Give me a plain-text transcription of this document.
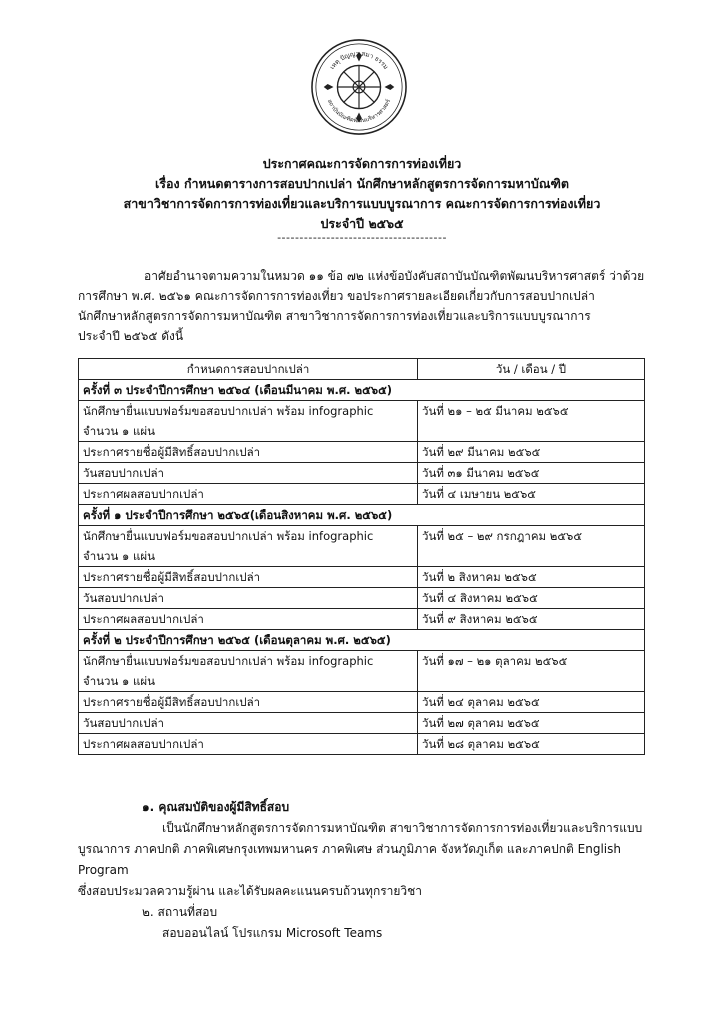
เหตุ ปัญญา สมา ธรรม
สถาบันบัณฑิตพัฒนบริหารศาสตร์
ประกาศคณะการจัดการการท่องเที่ยว
เรื่อง กำหนดตารางการสอบปากเปล่า นักศึกษาหลักสูตรการจัดการมหาบัณฑิต
สาขาวิชาการจัดการการท่องเที่ยวและบริการแบบบูรณาการ คณะการจัดการการท่องเที่ยว
ประจำปี ๒๕๖๕
--------------------------------------
อาศัยอำนาจตามความในหมวด ๑๑ ข้อ ๗๒ แห่งข้อบังคับสถาบันบัณฑิตพัฒนบริหารศาสตร์ ว่าด้วย
การศึกษา พ.ศ. ๒๕๖๑ คณะการจัดการการท่องเที่ยว ขอประกาศรายละเอียดเกี่ยวกับการสอบปากเปล่า
นักศึกษาหลักสูตรการจัดการมหาบัณฑิต สาขาวิชาการจัดการการท่องเที่ยวและบริการแบบบูรณาการ
ประจำปี ๒๕๖๕ ดังนี้
กำหนดการสอบปากเปล่า	วัน / เดือน / ปี
ครั้งที่ ๓ ประจำปีการศึกษา ๒๕๖๔ (เดือนมีนาคม พ.ศ. ๒๕๖๕)	
นักศึกษายื่นแบบฟอร์มขอสอบปากเปล่า พร้อม infographic
จำนวน ๑ แผ่น	วันที่ ๒๑ – ๒๕ มีนาคม ๒๕๖๕
ประกาศรายชื่อผู้มีสิทธิ์สอบปากเปล่า	วันที่ ๒๙ มีนาคม ๒๕๖๕
วันสอบปากเปล่า	วันที่ ๓๑ มีนาคม ๒๕๖๕
ประกาศผลสอบปากเปล่า	วันที่ ๔ เมษายน ๒๕๖๕
ครั้งที่ ๑ ประจำปีการศึกษา ๒๕๖๕(เดือนสิงหาคม พ.ศ. ๒๕๖๕)	
นักศึกษายื่นแบบฟอร์มขอสอบปากเปล่า พร้อม infographic
จำนวน ๑ แผ่น	วันที่ ๒๕ – ๒๙ กรกฎาคม ๒๕๖๕
ประกาศรายชื่อผู้มีสิทธิ์สอบปากเปล่า	วันที่ ๒ สิงหาคม ๒๕๖๕
วันสอบปากเปล่า	วันที่ ๔ สิงหาคม ๒๕๖๕
ประกาศผลสอบปากเปล่า	วันที่ ๙ สิงหาคม ๒๕๖๕
ครั้งที่ ๒ ประจำปีการศึกษา ๒๕๖๕ (เดือนตุลาคม พ.ศ. ๒๕๖๕)	
นักศึกษายื่นแบบฟอร์มขอสอบปากเปล่า พร้อม infographic
จำนวน ๑ แผ่น	วันที่ ๑๗ – ๒๑ ตุลาคม ๒๕๖๕
ประกาศรายชื่อผู้มีสิทธิ์สอบปากเปล่า	วันที่ ๒๔ ตุลาคม ๒๕๖๕
วันสอบปากเปล่า	วันที่ ๒๗ ตุลาคม ๒๕๖๕
ประกาศผลสอบปากเปล่า	วันที่ ๒๘ ตุลาคม ๒๕๖๕
๑. คุณสมบัติของผู้มีสิทธิ์สอบ
เป็นนักศึกษาหลักสูตรการจัดการมหาบัณฑิต สาขาวิชาการจัดการการท่องเที่ยวและบริการแบบ
บูรณาการ ภาคปกติ ภาคพิเศษกรุงเทพมหานคร ภาคพิเศษ ส่วนภูมิภาค จังหวัดภูเก็ต และภาคปกติ English Program
ซึ่งสอบประมวลความรู้ผ่าน และได้รับผลคะแนนครบถ้วนทุกรายวิชา
๒. สถานที่สอบ
สอบออนไลน์ โปรแกรม Microsoft Teams
